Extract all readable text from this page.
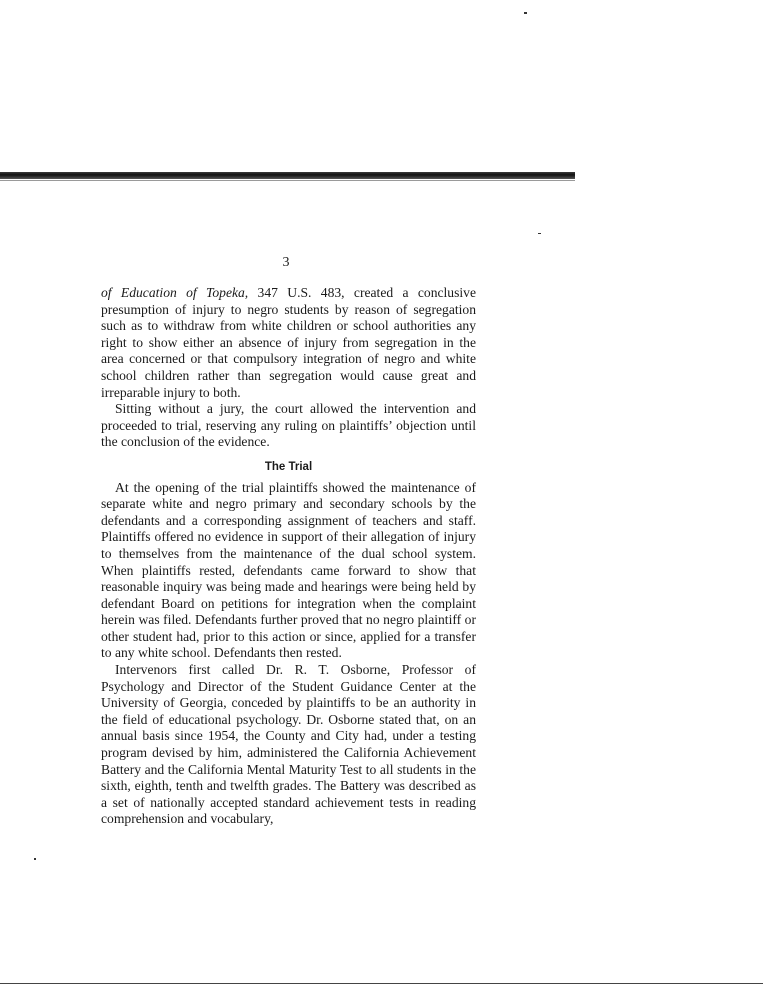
3

of Education of Topeka, 347 U.S. 483, created a conclusive presumption of injury to negro students by reason of segregation such as to withdraw from white children or school authorities any right to show either an absence of injury from segregation in the area concerned or that compulsory integration of negro and white school children rather than segregation would cause great and irreparable injury to both.

Sitting without a jury, the court allowed the intervention and proceeded to trial, reserving any ruling on plaintiffs’ objection until the conclusion of the evidence.

The Trial

At the opening of the trial plaintiffs showed the maintenance of separate white and negro primary and secondary schools by the defendants and a corresponding assignment of teachers and staff. Plaintiffs offered no evidence in support of their allegation of injury to themselves from the maintenance of the dual school system. When plaintiffs rested, defendants came forward to show that reasonable inquiry was being made and hearings were being held by defendant Board on petitions for integration when the complaint herein was filed. Defendants further proved that no negro plaintiff or other student had, prior to this action or since, applied for a transfer to any white school. Defendants then rested.

Intervenors first called Dr. R. T. Osborne, Professor of Psychology and Director of the Student Guidance Center at the University of Georgia, conceded by plaintiffs to be an authority in the field of educational psychology. Dr. Osborne stated that, on an annual basis since 1954, the County and City had, under a testing program devised by him, administered the California Achievement Battery and the California Mental Maturity Test to all students in the sixth, eighth, tenth and twelfth grades. The Battery was described as a set of nationally accepted standard achievement tests in reading comprehension and vocabulary,
